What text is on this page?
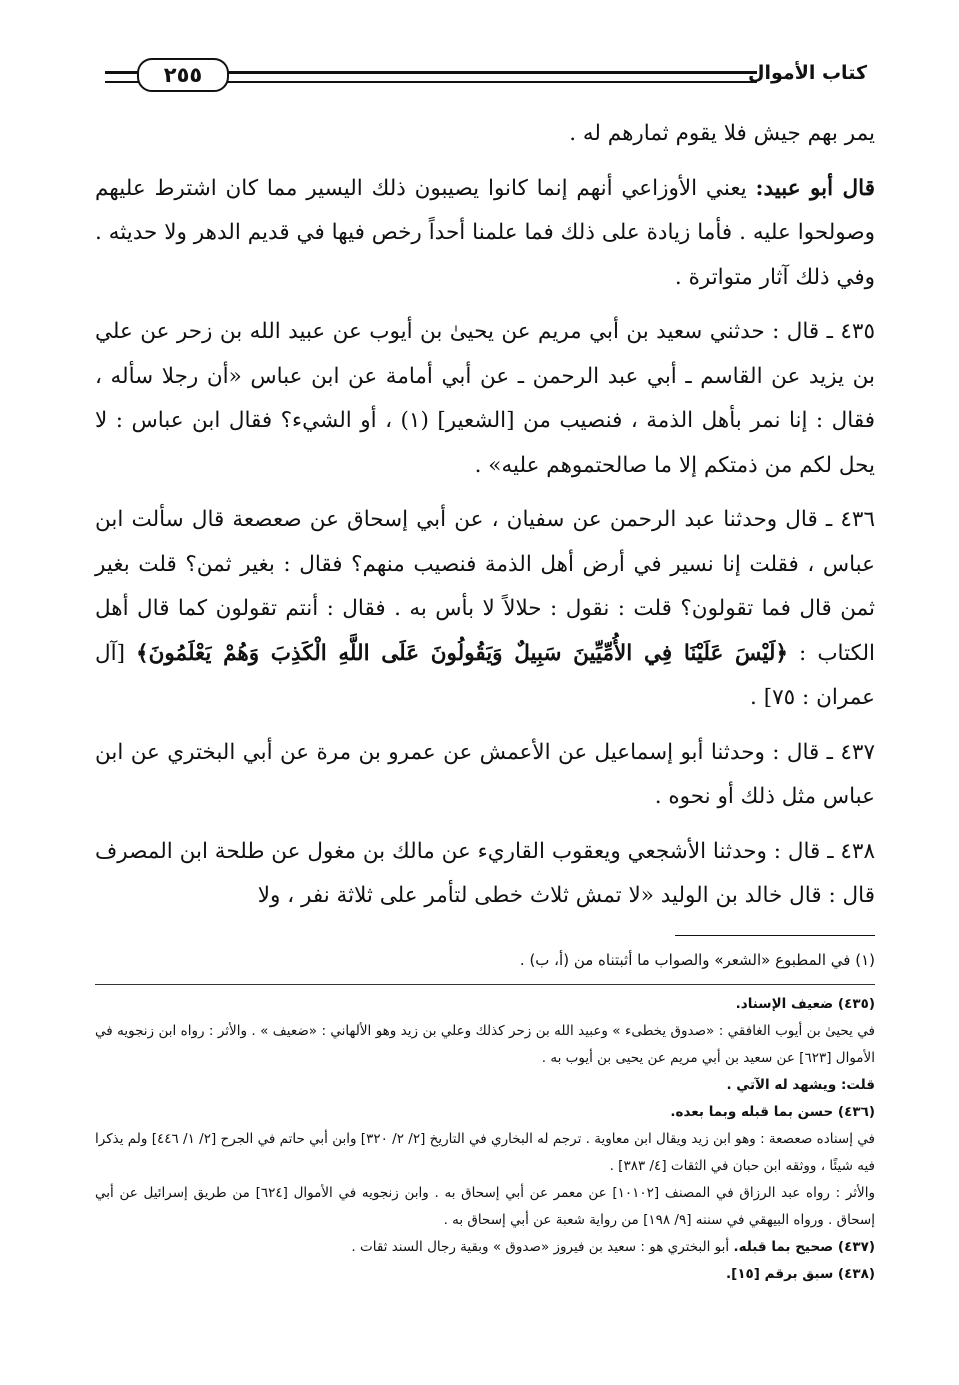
كتاب الأموال
٢٥٥

يمر بهم جيش فلا يقوم ثمارهم له .

قال أبو عبيد: يعني الأوزاعي أنهم إنما كانوا يصيبون ذلك اليسير مما كان اشترط عليهم وصولحوا عليه . فأما زيادة على ذلك فما علمنا أحداً رخص فيها في قديم الدهر ولا حديثه . وفي ذلك آثار متواترة .

٤٣٥ ـ قال : حدثني سعيد بن أبي مريم عن يحيىٰ بن أيوب عن عبيد الله بن زحر عن علي بن يزيد عن القاسم ـ أبي عبد الرحمن ـ عن أبي أمامة عن ابن عباس «أن رجلا سأله ، فقال : إنا نمر بأهل الذمة ، فنصيب من [الشعير] (١) ، أو الشيء؟ فقال ابن عباس : لا يحل لكم من ذمتكم إلا ما صالحتموهم عليه» .

٤٣٦ ـ قال وحدثنا عبد الرحمن عن سفيان ، عن أبي إسحاق عن صعصعة قال سألت ابن عباس ، فقلت إنا نسير في أرض أهل الذمة فنصيب منهم؟ فقال : بغير ثمن؟ قلت بغير ثمن قال فما تقولون؟ قلت : نقول : حلالاً لا بأس به . فقال : أنتم تقولون كما قال أهل الكتاب : ﴿لَيْسَ عَلَيْنَا فِي الأُمِّيِّينَ سَبِيلٌ وَيَقُولُونَ عَلَى اللَّهِ الْكَذِبَ وَهُمْ يَعْلَمُونَ﴾ [آل عمران : ٧٥] .

٤٣٧ ـ قال : وحدثنا أبو إسماعيل عن الأعمش عن عمرو بن مرة عن أبي البختري عن ابن عباس مثل ذلك أو نحوه .

٤٣٨ ـ قال : وحدثنا الأشجعي ويعقوب القاريء عن مالك بن مغول عن طلحة ابن المصرف قال : قال خالد بن الوليد «لا تمش ثلاث خطى لتأمر على ثلاثة نفر ، ولا

(١) في المطبوع «الشعر» والصواب ما أثبتناه من (أ، ب) .

(٤٣٥) ضعيف الإسناد.

في يحيىٰ بن أيوب الغافقي : «صدوق يخطىء » وعبيد الله بن زحر كذلك وعلي بن زيد وهو الألهاني : «ضعيف » . والأثر : رواه ابن زنجويه في الأموال [٦٢٣] عن سعيد بن أبي مريم عن يحيى بن أيوب به .

قلت: ويشهد له الآتي .

(٤٣٦) حسن بما قبله وبما بعده.

في إسناده صعصعة : وهو ابن زيد ويقال ابن معاوية . ترجم له البخاري في التاريخ [٢/ ٢/ ٣٢٠] وابن أبي حاتم في الجرح [٢/ ١/ ٤٤٦] ولم يذكرا فيه شيئًا ، ووثقه ابن حبان في الثقات [٤/ ٣٨٣] .

والأثر : رواه عبد الرزاق في المصنف [١٠١٠٢] عن معمر عن أبي إسحاق به . وابن زنجويه في الأموال [٦٢٤] من طريق إسرائيل عن أبي إسحاق . ورواه البيهقي في سننه [٩/ ١٩٨] من رواية شعبة عن أبي إسحاق به .

(٤٣٧) صحيح بما قبله. أبو البختري هو : سعيد بن فيروز «صدوق » وبقية رجال السند ثقات .

(٤٣٨) سبق برقم [١٥].
